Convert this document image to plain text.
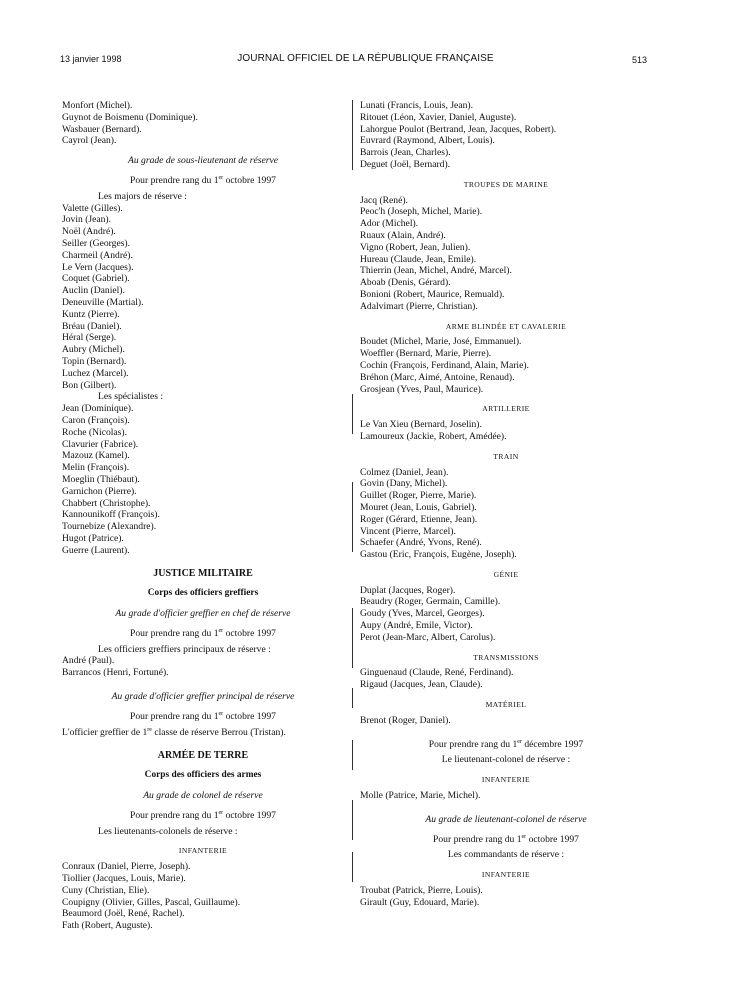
13 janvier 1998	JOURNAL OFFICIEL DE LA RÉPUBLIQUE FRANÇAISE	513
Monfort (Michel).
Guynot de Boismenu (Dominique).
Wasbauer (Bernard).
Cayrol (Jean).
Au grade de sous-lieutenant de réserve
Pour prendre rang du 1er octobre 1997
Les majors de réserve :
Valette (Gilles).
Jovin (Jean).
Noël (André).
Seiller (Georges).
Charmeil (André).
Le Vern (Jacques).
Coquet (Gabriel).
Auclin (Daniel).
Deneuville (Martial).
Kuntz (Pierre).
Bréau (Daniel).
Héral (Serge).
Aubry (Michel).
Topin (Bernard).
Luchez (Marcel).
Bon (Gilbert).
Les spécialistes :
Jean (Dominique).
Caron (François).
Roche (Nicolas).
Clavurier (Fabrice).
Mazouz (Kamel).
Melin (François).
Moeglin (Thiébaut).
Garnichon (Pierre).
Chabbert (Christophe).
Kannounikoff (François).
Tournebize (Alexandre).
Hugot (Patrice).
Guerre (Laurent).
JUSTICE MILITAIRE
Corps des officiers greffiers
Au grade d'officier greffier en chef de réserve
Pour prendre rang du 1er octobre 1997
Les officiers greffiers principaux de réserve :
André (Paul).
Barrancos (Henri, Fortuné).
Au grade d'officier greffier principal de réserve
Pour prendre rang du 1er octobre 1997
L'officier greffier de 1re classe de réserve Berrou (Tristan).
ARMÉE DE TERRE
Corps des officiers des armes
Au grade de colonel de réserve
Pour prendre rang du 1er octobre 1997
Les lieutenants-colonels de réserve :
INFANTERIE
Conraux (Daniel, Pierre, Joseph).
Tiollier (Jacques, Louis, Marie).
Cuny (Christian, Elie).
Coupigny (Olivier, Gilles, Pascal, Guillaume).
Beaumord (Joël, René, Rachel).
Fath (Robert, Auguste).
Lunati (Francis, Louis, Jean).
Ritouet (Léon, Xavier, Daniel, Auguste).
Lahorgue Poulot (Bertrand, Jean, Jacques, Robert).
Euvrard (Raymond, Albert, Louis).
Barrois (Jean, Charles).
Deguet (Joël, Bernard).
TROUPES DE MARINE
Jacq (René).
Peoc'h (Joseph, Michel, Marie).
Ador (Michel).
Ruaux (Alain, André).
Vigno (Robert, Jean, Julien).
Hureau (Claude, Jean, Emile).
Thierrin (Jean, Michel, André, Marcel).
Aboab (Denis, Gérard).
Bonioni (Robert, Maurice, Remuald).
Adalvimart (Pierre, Christian).
ARME BLINDÉE ET CAVALERIE
Boudet (Michel, Marie, José, Emmanuel).
Woeffler (Bernard, Marie, Pierre).
Cochin (François, Ferdinand, Alain, Marie).
Bréhon (Marc, Aimé, Antoine, Renaud).
Grosjean (Yves, Paul, Maurice).
ARTILLERIE
Le Van Xieu (Bernard, Joselin).
Lamoureux (Jackie, Robert, Amédée).
TRAIN
Colmez (Daniel, Jean).
Govin (Dany, Michel).
Guillet (Roger, Pierre, Marie).
Mouret (Jean, Louis, Gabriel).
Roger (Gérard, Etienne, Jean).
Vincent (Pierre, Marcel).
Schaefer (André, Yvons, René).
Gastou (Eric, François, Eugène, Joseph).
GÉNIE
Duplat (Jacques, Roger).
Beaudry (Roger, Germain, Camille).
Goudy (Yves, Marcel, Georges).
Aupy (André, Emile, Victor).
Perot (Jean-Marc, Albert, Carolus).
TRANSMISSIONS
Ginguenaud (Claude, René, Ferdinand).
Rigaud (Jacques, Jean, Claude).
MATÉRIEL
Brenot (Roger, Daniel).
Pour prendre rang du 1er décembre 1997
Le lieutenant-colonel de réserve :
INFANTERIE
Molle (Patrice, Marie, Michel).
Au grade de lieutenant-colonel de réserve
Pour prendre rang du 1er octobre 1997
Les commandants de réserve :
INFANTERIE
Troubat (Patrick, Pierre, Louis).
Girault (Guy, Edouard, Marie).
